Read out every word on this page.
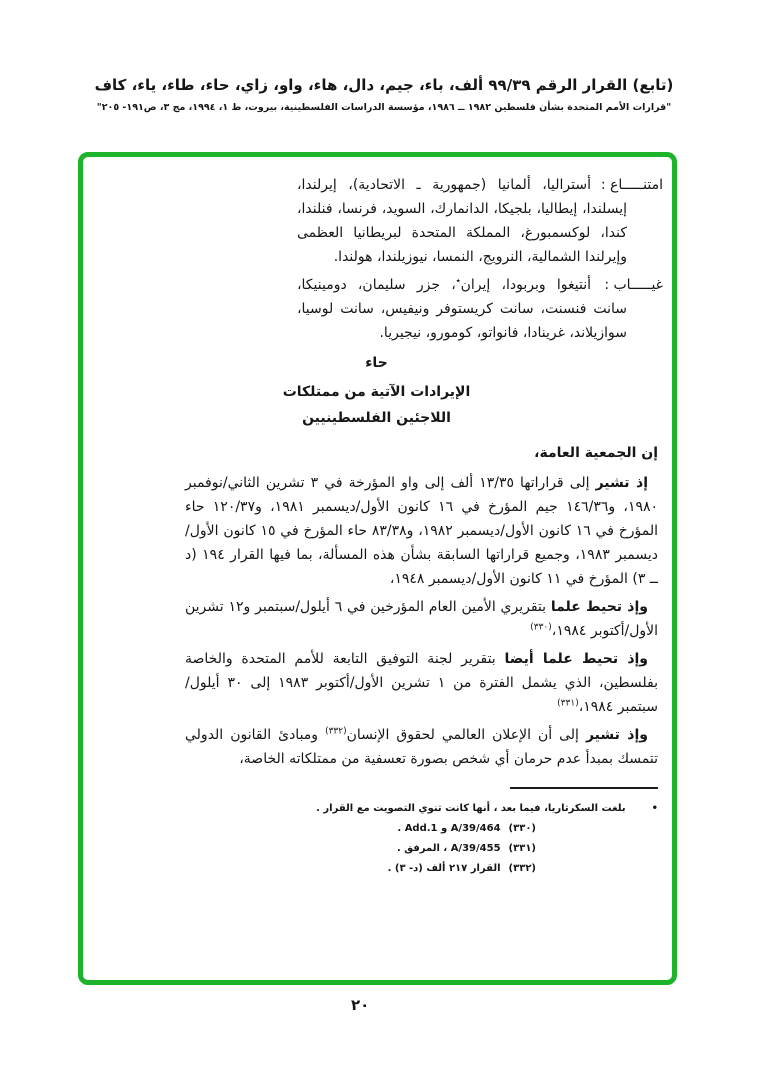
(تابع) القرار الرقم ٩٩/٣٩ ألف، باء، جيم، دال، هاء، واو، زاي، حاء، طاء، ياء، كاف
"قرارات الأمم المتحدة بشأن فلسطين ١٩٨٢ ــ ١٩٨٦، مؤسسة الدراسات الفلسطينية، بيروت، ط ١، ١٩٩٤، مج ٣، ص١٩١- ٢٠٥"
امتنـــــاع :
أستراليا، ألمانيا (جمهورية ـ الاتحادية)، إيرلندا، إيسلندا، إيطاليا، بلجيكا، الدانمارك، السويد، فرنسا، فنلندا، كندا، لوكسمبورغ، المملكة المتحدة لبريطانيا العظمى وإيرلندا الشمالية، النرويج، النمسا، نيوزيلندا، هولندا.
غيـــــاب :
أنتيغوا وبربودا، إيران٭، جزر سليمان، دومينيكا، سانت فنسنت، سانت كريستوفر ونيفيس، سانت لوسيا، سوازيلاند، غرينادا، فانواتو، كومورو، نيجيريا.
حاء
الإيرادات الآتية من ممتلكات
اللاجئين الفلسطينيين

إن الجمعية العامة،

إذ تشير إلى قراراتها ١٣/٣٥ ألف إلى واو المؤرخة في ٣ تشرين الثاني/نوفمبر ١٩٨٠، و١٤٦/٣٦ جيم المؤرخ في ١٦ كانون الأول/ديسمبر ١٩٨١، و١٢٠/٣٧ حاء المؤرخ في ١٦ كانون الأول/ديسمبر ١٩٨٢، و٨٣/٣٨ حاء المؤرخ في ١٥ كانون الأول/ديسمبر ١٩٨٣، وجميع قراراتها السابقة بشأن هذه المسألة، بما فيها القرار ١٩٤ (د ــ ٣) المؤرخ في ١١ كانون الأول/ديسمبر ١٩٤٨،

وإذ تحيط علما بتقريري الأمين العام المؤرخين في ٦ أيلول/سبتمبر و١٢ تشرين الأول/أكتوبر ١٩٨٤،$^{(٣٣٠)}$

وإذ تحيط علما أيضا بتقرير لجنة التوفيق التابعة للأمم المتحدة والخاصة بفلسطين، الذي يشمل الفترة من ١ تشرين الأول/أكتوبر ١٩٨٣ إلى ٣٠ أيلول/سبتمبر ١٩٨٤،$^{(٣٣١)}$

وإذ تشير إلى أن الإعلان العالمي لحقوق الإنسان$^{(٣٣٢)}$ ومبادئ القانون الدولي تتمسك بمبدأ عدم حرمان أي شخص بصورة تعسفية من ممتلكاته الخاصة،

•بلغت السكرتاريا، فيما بعد ، أنها كانت تنوي التصويت مع القرار .

(٣٣٠)A/39/464 و Add.1 .

(٣٣١)A/39/455 ، المرفق .

(٣٣٢)القرار ٢١٧ ألف (د- ٣) .

٢٠
